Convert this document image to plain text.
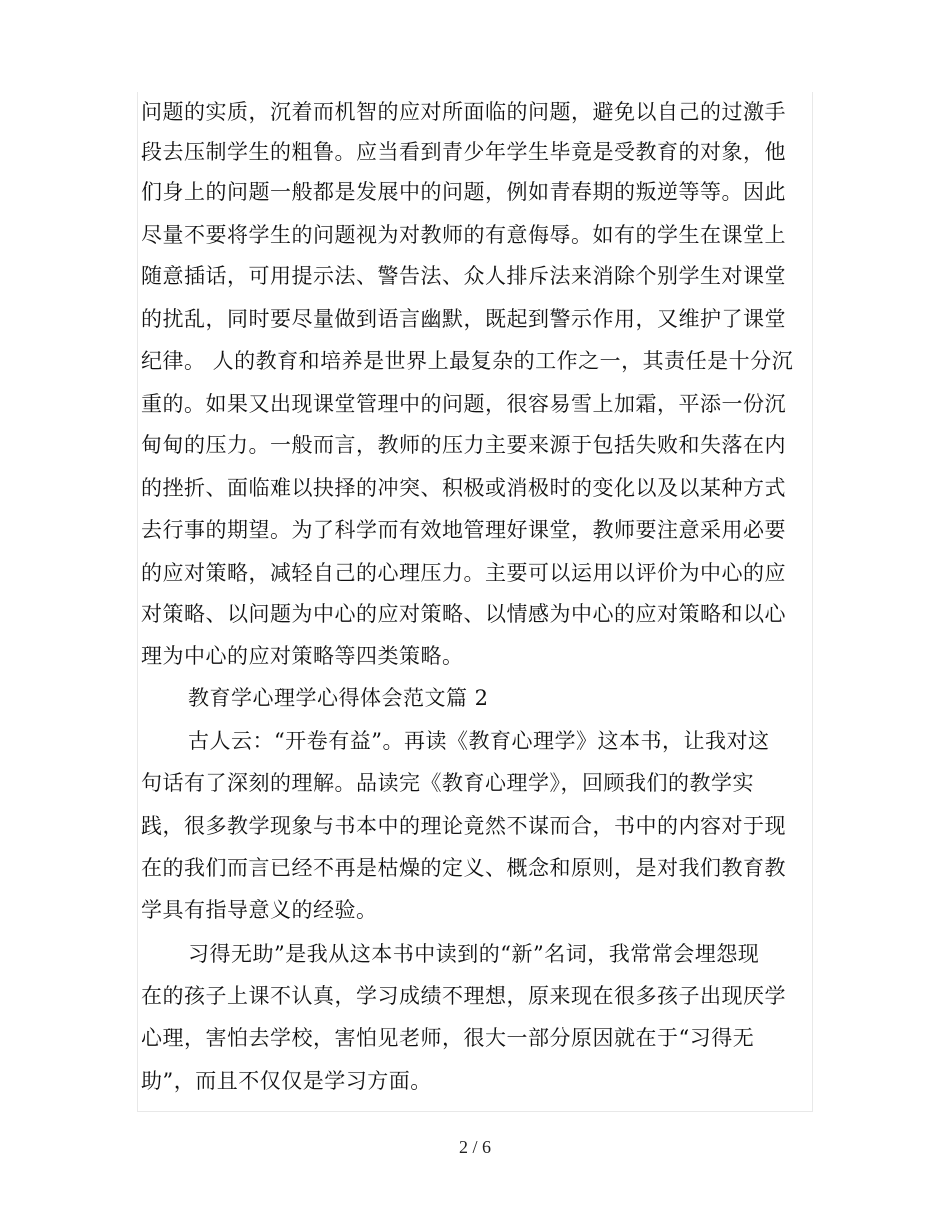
问题的实质，沉着而机智的应对所面临的问题，避免以自己的过激手
段去压制学生的粗鲁。应当看到青少年学生毕竟是受教育的对象，他
们身上的问题一般都是发展中的问题，例如青春期的叛逆等等。因此
尽量不要将学生的问题视为对教师的有意侮辱。如有的学生在课堂上
随意插话，可用提示法、警告法、众人排斥法来消除个别学生对课堂
的扰乱，同时要尽量做到语言幽默，既起到警示作用，又维护了课堂
纪律。 人的教育和培养是世界上最复杂的工作之一，其责任是十分沉
重的。如果又出现课堂管理中的问题，很容易雪上加霜，平添一份沉
甸甸的压力。一般而言，教师的压力主要来源于包括失败和失落在内
的挫折、面临难以抉择的冲突、积极或消极时的变化以及以某种方式
去行事的期望。为了科学而有效地管理好课堂，教师要注意采用必要
的应对策略，减轻自己的心理压力。主要可以运用以评价为中心的应
对策略、以问题为中心的应对策略、以情感为中心的应对策略和以心
理为中心的应对策略等四类策略。
教育学心理学心得体会范文篇 2
古人云：“开卷有益”。再读《教育心理学》这本书，让我对这
句话有了深刻的理解。品读完《教育心理学》，回顾我们的教学实
践，很多教学现象与书本中的理论竟然不谋而合，书中的内容对于现
在的我们而言已经不再是枯燥的定义、概念和原则，是对我们教育教
学具有指导意义的经验。
习得无助”是我从这本书中读到的“新”名词，我常常会埋怨现
在的孩子上课不认真，学习成绩不理想，原来现在很多孩子出现厌学
心理，害怕去学校，害怕见老师，很大一部分原因就在于“习得无
助”，而且不仅仅是学习方面。
2 / 6
